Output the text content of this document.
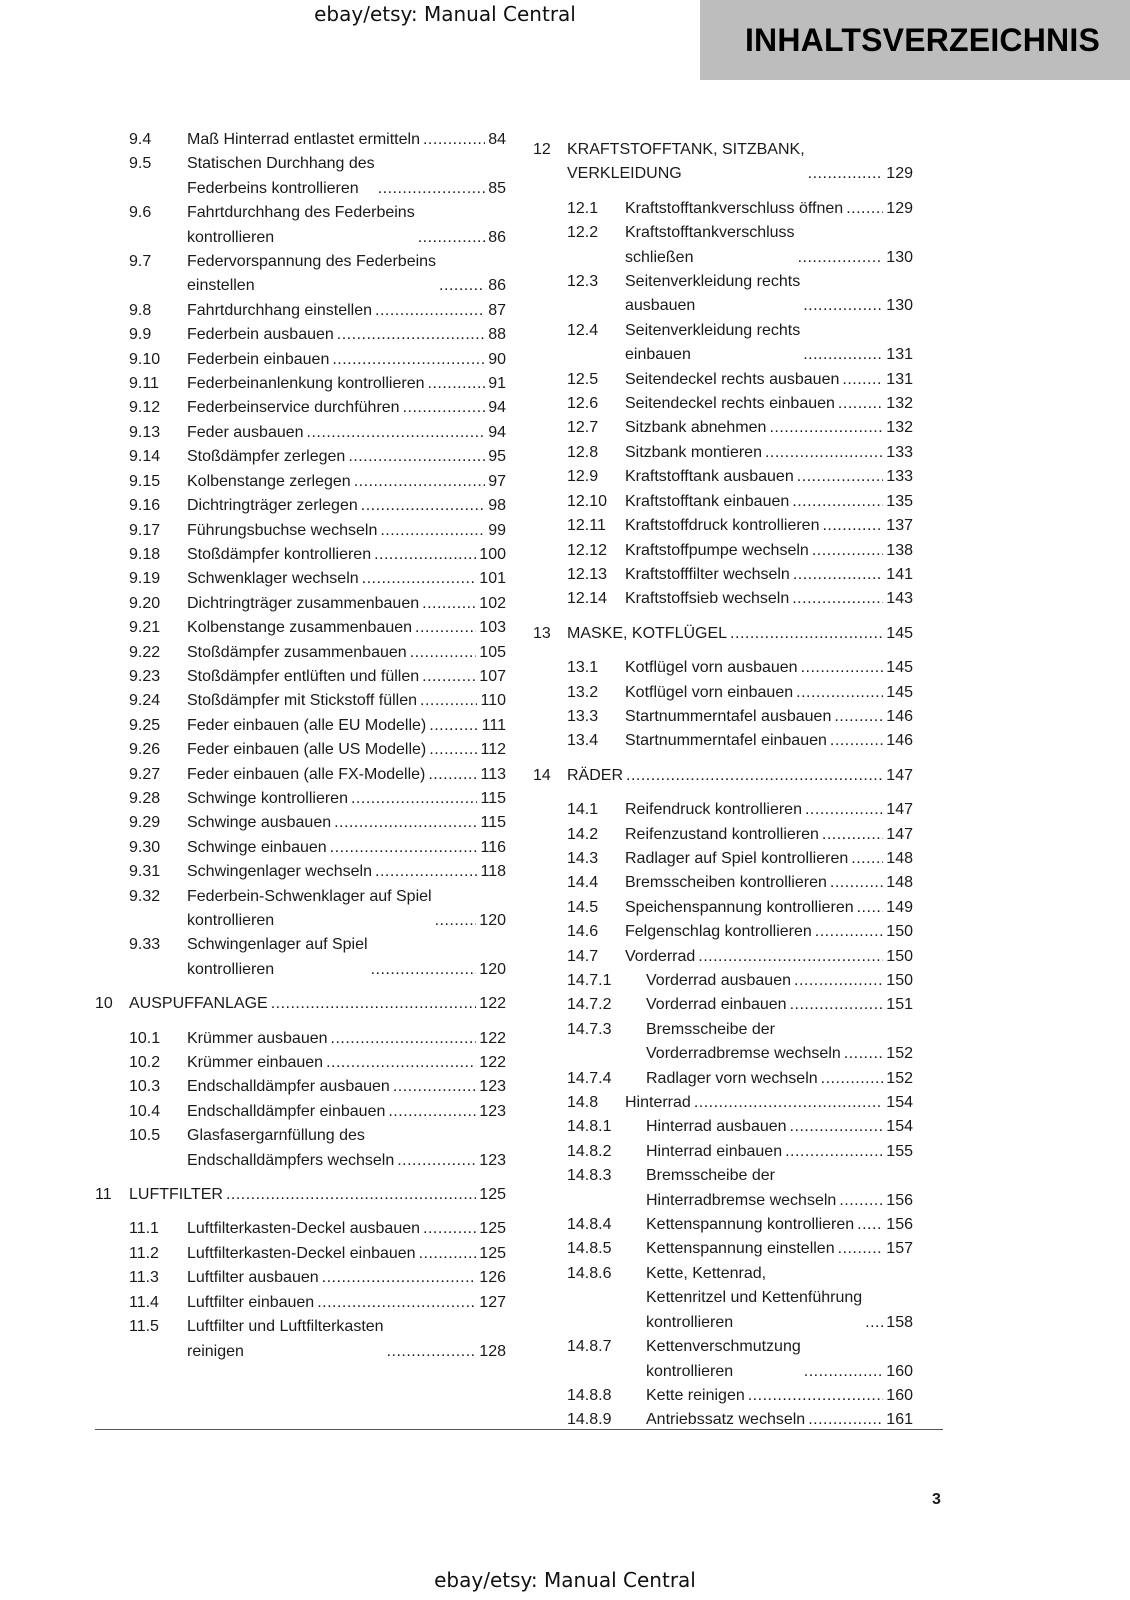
ebay/etsy: Manual Central
INHALTSVERZEICHNIS
9.4 Maß Hinterrad entlastet ermitteln .....	84
9.5 Statischen Durchhang des
Federbeins kontrollieren .....	85
9.6 Fahrtdurchhang des Federbeins
kontrollieren .....	86
9.7 Federvorspannung des Federbeins
einstellen .....	86
9.8 Fahrtdurchhang einstellen .....	87
9.9 Federbein ausbauen .....	88
9.10 Federbein einbauen .....	90
9.11 Federbeinanlenkung kontrollieren .....	91
9.12 Federbeinservice durchführen .....	94
9.13 Feder ausbauen .....	94
9.14 Stoßdämpfer zerlegen .....	95
9.15 Kolbenstange zerlegen .....	97
9.16 Dichtringträger zerlegen .....	98
9.17 Führungsbuchse wechseln .....	99
9.18 Stoßdämpfer kontrollieren .....	100
9.19 Schwenklager wechseln .....	101
9.20 Dichtringträger zusammenbauen .....	102
9.21 Kolbenstange zusammenbauen .....	103
9.22 Stoßdämpfer zusammenbauen .....	105
9.23 Stoßdämpfer entlüften und füllen .....	107
9.24 Stoßdämpfer mit Stickstoff füllen .....	110
9.25 Feder einbauen (alle EU Modelle) .....	111
9.26 Feder einbauen (alle US Modelle) .....	112
9.27 Feder einbauen (alle FX-Modelle) .....	113
9.28 Schwinge kontrollieren .....	115
9.29 Schwinge ausbauen .....	115
9.30 Schwinge einbauen .....	116
9.31 Schwingenlager wechseln .....	118
9.32 Federbein-Schwenklager auf Spiel
kontrollieren .....	120
9.33 Schwingenlager auf Spiel
kontrollieren .....	120
10 AUSPUFFANLAGE .....	122
10.1 Krümmer ausbauen .....	122
10.2 Krümmer einbauen .....	122
10.3 Endschalldämpfer ausbauen .....	123
10.4 Endschalldämpfer einbauen .....	123
10.5 Glasfasergarnfüllung des
Endschalldämpfers wechseln .....	123
11 LUFTFILTER .....	125
11.1 Luftfilterkasten-Deckel ausbauen .....	125
11.2 Luftfilterkasten-Deckel einbauen .....	125
11.3 Luftfilter ausbauen .....	126
11.4 Luftfilter einbauen .....	127
11.5 Luftfilter und Luftfilterkasten
reinigen .....	128
12 KRAFTSTOFFTANK, SITZBANK,
VERKLEIDUNG .....	129
12.1 Kraftstofftankverschluss öffnen .....	129
12.2 Kraftstofftankverschluss
schließen .....	130
12.3 Seitenverkleidung rechts
ausbauen .....	130
12.4 Seitenverkleidung rechts
einbauen .....	131
12.5 Seitendeckel rechts ausbauen .....	131
12.6 Seitendeckel rechts einbauen .....	132
12.7 Sitzbank abnehmen .....	132
12.8 Sitzbank montieren .....	133
12.9 Kraftstofftank ausbauen .....	133
12.10 Kraftstofftank einbauen .....	135
12.11 Kraftstoffdruck kontrollieren .....	137
12.12 Kraftstoffpumpe wechseln .....	138
12.13 Kraftstofffilter wechseln .....	141
12.14 Kraftstoffsieb wechseln .....	143
13 MASKE, KOTFLÜGEL .....	145
13.1 Kotflügel vorn ausbauen .....	145
13.2 Kotflügel vorn einbauen .....	145
13.3 Startnummerntafel ausbauen .....	146
13.4 Startnummerntafel einbauen .....	146
14 RÄDER .....	147
14.1 Reifendruck kontrollieren .....	147
14.2 Reifenzustand kontrollieren .....	147
14.3 Radlager auf Spiel kontrollieren ..... 148
14.4 Bremsscheiben kontrollieren .....	148
14.5 Speichenspannung kontrollieren ..... 149
14.6 Felgenschlag kontrollieren .....	150
14.7 Vorderrad .....	150
14.7.1 Vorderrad ausbauen .....	150
14.7.2 Vorderrad einbauen .....	151
14.7.3 Bremsscheibe der
Vorderradbremse wechseln .....	152
14.7.4 Radlager vorn wechseln .....	152
14.8 Hinterrad .....	154
14.8.1 Hinterrad ausbauen .....	154
14.8.2 Hinterrad einbauen .....	155
14.8.3 Bremsscheibe der
Hinterradbremse wechseln .....	156
14.8.4 Kettenspannung kontrollieren ..... 156
14.8.5 Kettenspannung einstellen .....	157
14.8.6 Kette, Kettenrad,
Kettenritzel und Kettenführung
kontrollieren .....	158
14.8.7 Kettenverschmutzung
kontrollieren .....	160
14.8.8 Kette reinigen .....	160
14.8.9 Antriebssatz wechseln .....	161
3
ebay/etsy: Manual Central
